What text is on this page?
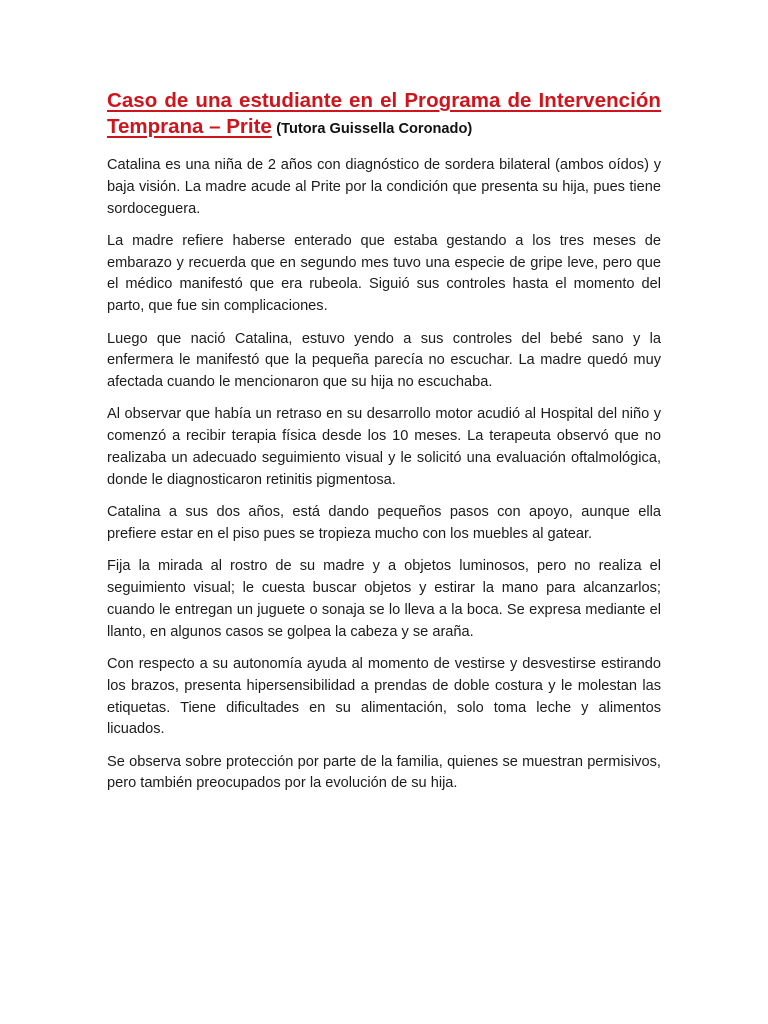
Caso de una estudiante en el Programa de Intervención
Temprana – Prite (Tutora Guissella Coronado)

Catalina es una niña de 2 años con diagnóstico de sordera bilateral (ambos oídos) y baja visión. La madre acude al Prite por la condición que presenta su hija, pues tiene sordoceguera.

La madre refiere haberse enterado que estaba gestando a los tres meses de embarazo y recuerda que en segundo mes tuvo una especie de gripe leve, pero que el médico manifestó que era rubeola. Siguió sus controles hasta el momento del parto, que fue sin complicaciones.

Luego que nació Catalina, estuvo yendo a sus controles del bebé sano y la enfermera le manifestó que la pequeña parecía no escuchar. La madre quedó muy afectada cuando le mencionaron que su hija no escuchaba.

Al observar que había un retraso en su desarrollo motor acudió al Hospital del niño y comenzó a recibir terapia física desde los 10 meses. La terapeuta observó que no realizaba un adecuado seguimiento visual y le solicitó una evaluación oftalmológica, donde le diagnosticaron retinitis pigmentosa.

Catalina a sus dos años, está dando pequeños pasos con apoyo, aunque ella prefiere estar en el piso pues se tropieza mucho con los muebles al gatear.

Fija la mirada al rostro de su madre y a objetos luminosos, pero no realiza el seguimiento visual; le cuesta buscar objetos y estirar la mano para alcanzarlos; cuando le entregan un juguete o sonaja se lo lleva a la boca. Se expresa mediante el llanto, en algunos casos se golpea la cabeza y se araña.

Con respecto a su autonomía ayuda al momento de vestirse y desvestirse estirando los brazos, presenta hipersensibilidad a prendas de doble costura y le molestan las etiquetas. Tiene dificultades en su alimentación, solo toma leche y alimentos licuados.

Se observa sobre protección por parte de la familia, quienes se muestran permisivos, pero también preocupados por la evolución de su hija.
